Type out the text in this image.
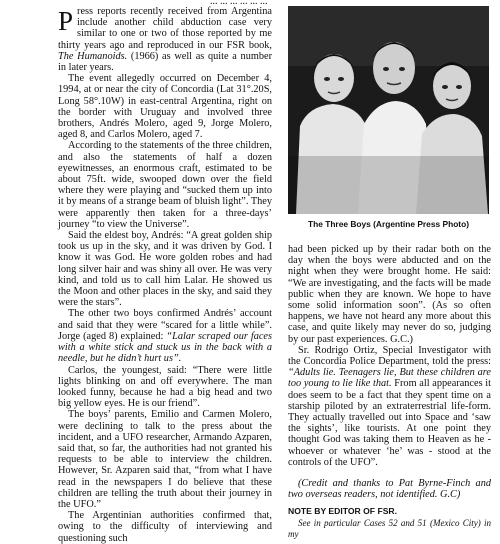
... ... ... ... ... ...

Press reports recently received from Argentina include another child abduction case very similar to one or two of those reported by me thirty years ago and reproduced in our FSR book, The Humanoids. (1966) as well as quite a number in later years.

The event allegedly occurred on December 4, 1994, at or near the city of Concordia (Lat 31°.20S, Long 58°.10W) in east-central Argentina, right on the border with Uruguay and involved three brothers, Andrés Molero, aged 9, Jorge Molero, aged 8, and Carlos Molero, aged 7.

According to the statements of the three children, and also the statements of half a dozen eyewitnesses, an enormous craft, estimated to be about 75ft. wide, swooped down over the field where they were playing and “sucked them up into it by means of a strange beam of bluish light”. They were apparently then taken for a three-days’ journey “to view the Universe”.

Said the eldest boy, Andrés: “A great golden ship took us up in the sky, and it was driven by God. I know it was God. He wore golden robes and had long silver hair and was shiny all over. He was very kind, and told us to call him Lalar. He showed us the Moon and other places in the sky, and said they were the stars”.

The other two boys confirmed Andrés’ account and said that they were “scared for a little while”. Jorge (aged 8) explained: “Lalar scraped our faces with a white stick and stuck us in the back with a needle, but he didn’t hurt us”.

Carlos, the youngest, said: “There were little lights blinking on and off everywhere. The man looked funny, because he had a big head and two big yellow eyes. He is our friend”.

The boys’ parents, Emilio and Carmen Molero, were declining to talk to the press about the incident, and a UFO researcher, Armando Azparen, said that, so far, the authorities had not granted his requests to be able to interview the children. However, Sr. Azparen said that, “from what I have read in the newspapers I do believe that these children are telling the truth about their journey in the UFO.”

The Argentinian authorities confirmed that, owing to the difficulty of interviewing and questioning such

The Three Boys (Argentine Press Photo)

had been picked up by their radar both on the day when the boys were abducted and on the night when they were brought home. He said: “We are investigating, and the facts will be made public when they are known. We hope to have some solid information soon”. (As so often happens, we have not heard any more about this case, and quite likely may never do so, judging by our past experiences. G.C.)

Sr. Rodrigo Ortiz, Special Investigator with the Concordia Police Department, told the press: “Adults lie. Teenagers lie, But these children are too young to lie like that. From all appearances it does seem to be a fact that they spent time on a starship piloted by an extraterrestrial life-form. They actually travelled out into Space and ‘saw the sights’, like tourists. At one point they thought God was taking them to Heaven as he - whoever or whatever ‘he’ was - stood at the controls of the UFO”.

(Credit and thanks to Pat Byrne-Finch and two overseas readers, not identified. G.C)

NOTE BY EDITOR OF FSR.

See in particular Cases 52 and 51 (Mexico City) in my
